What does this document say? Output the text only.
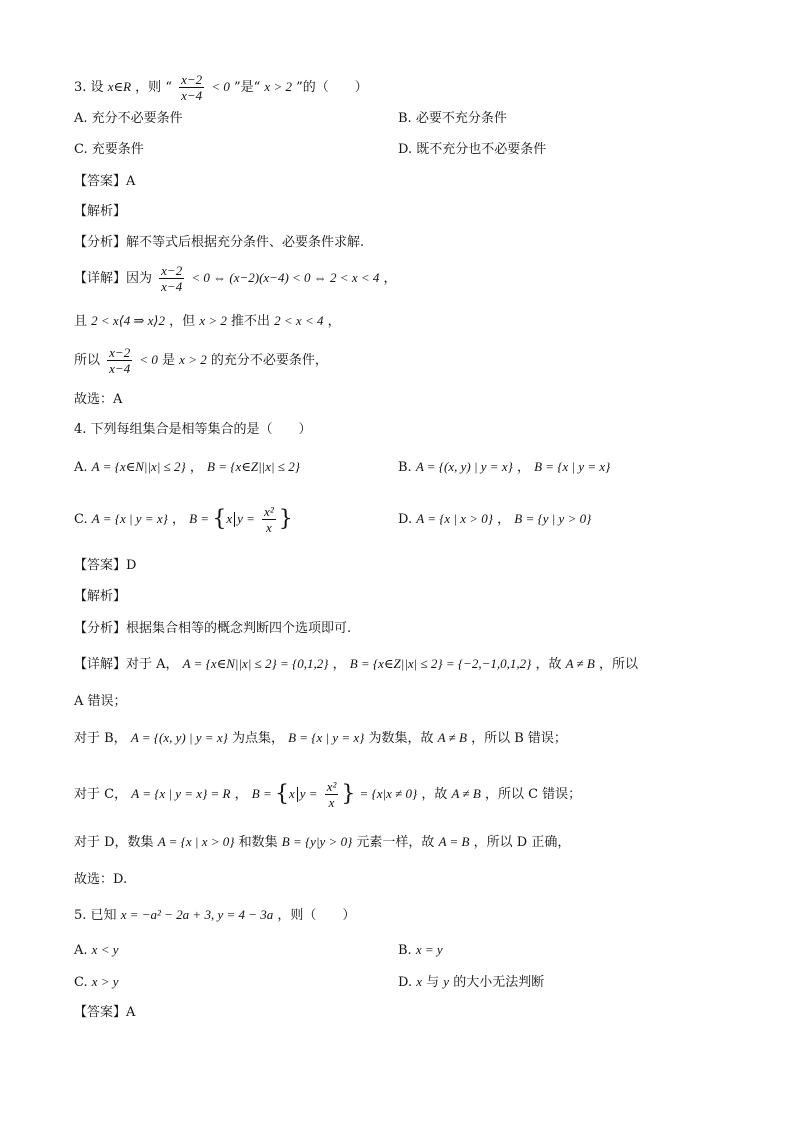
3. 设 x∈R ，则 “ $\frac{x-2}{x-4} < 0$ ”是“ x > 2 ”的（　　）
A. 充分不必要条件	B. 必要不充分条件
C. 充要条件	D. 既不充分也不必要条件
【答案】A
【解析】
【分析】解不等式后根据充分条件、必要条件求解.
【详解】因为 $\frac{x-2}{x-4} < 0$ ⇔ (x−2)(x−4) < 0 ⇔ 2 < x < 4 ，
且 2 < x⟨4 ⇒ x⟩2 ，但 x > 2 推不出 2 < x < 4 ，
所以 $\frac{x-2}{x-4} < 0$ 是 x > 2 的充分不必要条件，
故选：A
4. 下列每组集合是相等集合的是（　　）
A. A = {x∈N||x| ≤ 2} ， B = {x∈Z||x| ≤ 2}	B. A = {(x, y) | y = x} ， B = {x | y = x}
C. A = {x | y = x} ， B = {x $y = \frac{\text{x²}}{x}$ }	D. A = {x | x > 0} ， B = {y | y > 0}
【答案】D
【解析】
【分析】根据集合相等的概念判断四个选项即可.
【详解】对于 A， A = {x∈N||x| ≤ 2} = {0,1,2} ， B = {x∈Z||x| ≤ 2} = {−2,−1,0,1,2} ，故 A ≠ B ，所以
A 错误；
对于 B， A = {(x, y) | y = x} 为点集， B = {x | y = x} 为数集，故 A ≠ B ，所以 B 错误；
对于 C， A = {x | y = x} = R ， B = {x $y = \frac{\text{x²}}{x}$ } = {x|x ≠ 0} ，故 A ≠ B ，所以 C 错误；
对于 D，数集 A = {x | x > 0} 和数集 B = {y|y > 0} 元素一样，故 A = B ，所以 D 正确，
故选：D.
5. 已知 x = −a² − 2a + 3, y = 4 − 3a ，则（　　）
A. x < y	B. x = y
C. x > y	D. x 与 y 的大小无法判断
【答案】A
